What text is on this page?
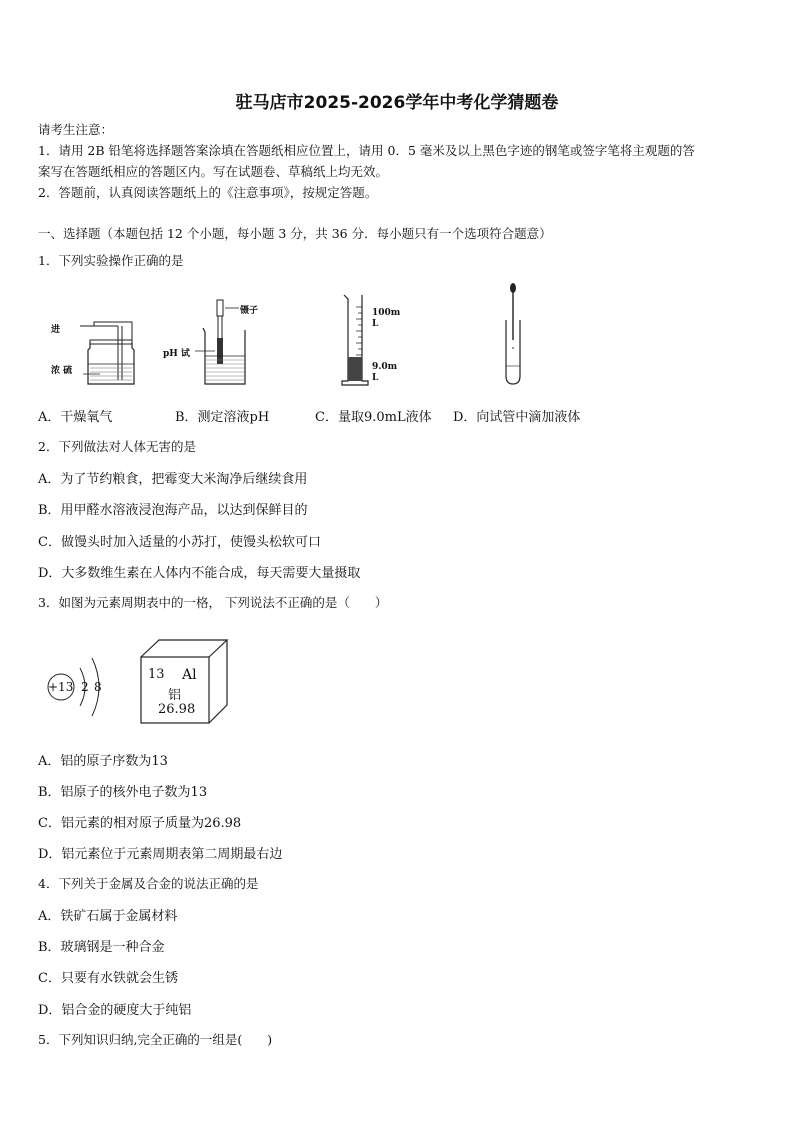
驻马店市2025-2026学年中考化学猜题卷
请考生注意：
1．请用 2B 铅笔将选择题答案涂填在答题纸相应位置上，请用 0．5 毫米及以上黑色字迹的钢笔或签字笔将主观题的答
案写在答题纸相应的答题区内。写在试题卷、草稿纸上均无效。
2．答题前，认真阅读答题纸上的《注意事项》，按规定答题。
一、选择题（本题包括 12 个小题，每小题 3 分，共 36 分．每小题只有一个选项符合题意）
1．下列实验操作正确的是
进
浓 硫
镊子
pH 试
100m
L
9.0m
L
A．干燥氧气	B．测定溶液pH	C．量取9.0mL液体 D．向试管中滴加液体
2．下列做法对人体无害的是
A．为了节约粮食，把霉变大米淘净后继续食用
B．用甲醛水溶液浸泡海产品，以达到保鲜目的
C．做馒头时加入适量的小苏打，使馒头松软可口
D．大多数维生素在人体内不能合成，每天需要大量摄取
3．如图为元素周期表中的一格， 下列说法不正确的是（　　）
+13 2 8
13 Al
铝
26.98
A．铝的原子序数为13
B．铝原子的核外电子数为13
C．铝元素的相对原子质量为26.98
D．铝元素位于元素周期表第二周期最右边
4．下列关于金属及合金的说法正确的是
A．铁矿石属于金属材料
B．玻璃钢是一种合金
C．只要有水铁就会生锈
D．铝合金的硬度大于纯铝
5．下列知识归纳,完全正确的一组是(　　)
